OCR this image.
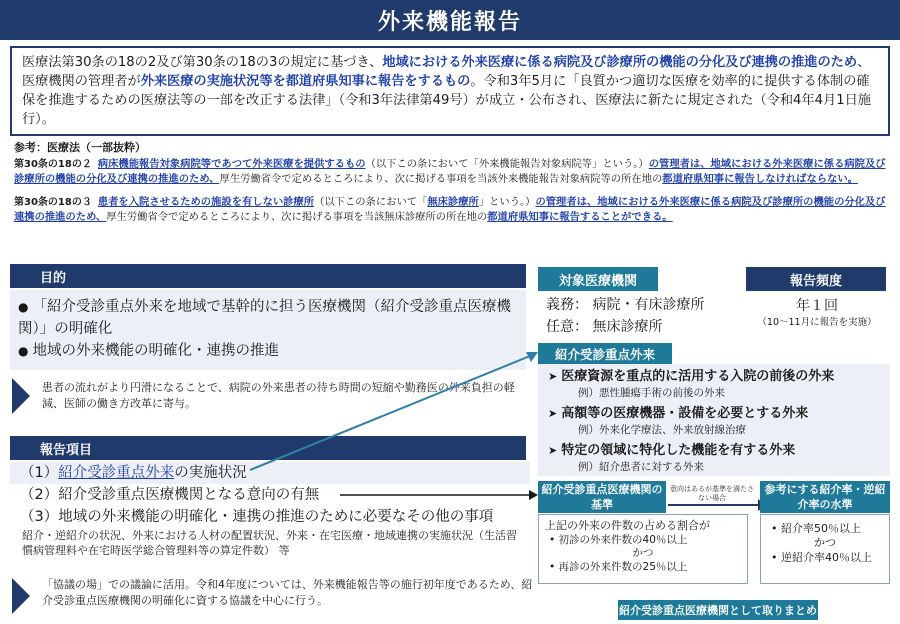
外来機能報告
医療法第30条の18の2及び第30条の18の3の規定に基づき、地域における外来医療に係る病院及び診療所の機能の分化及び連携の推進のため、医療機関の管理者が外来医療の実施状況等を都道府県知事に報告をするもの。令和3年5月に「良質かつ適切な医療を効率的に提供する体制の確保を推進するための医療法等の一部を改正する法律」（令和3年法律第49号）が成立・公布され、医療法に新たに規定された（令和4年4月1日施行）。
参考：医療法（一部抜粋）
第30条の18の２ 病床機能報告対象病院等であつて外来医療を提供するもの（以下この条において「外来機能報告対象病院等」という。）の管理者は、地域における外来医療に係る病院及び診療所の機能の分化及び連携の推進のため、厚生労働省令で定めるところにより、次に掲げる事項を当該外来機能報告対象病院等の所在地の都道府県知事に報告しなければならない。
第30条の18の３ 患者を入院させるための施設を有しない診療所（以下この条において「無床診療所」という。）の管理者は、地域における外来医療に係る病院及び診療所の機能の分化及び連携の推進のため、厚生労働省令で定めるところにより、次に掲げる事項を当該無床診療所の所在地の都道府県知事に報告することができる。
目的
● 「紹介受診重点外来を地域で基幹的に担う医療機関（紹介受診重点医療機関）」の明確化
● 地域の外来機能の明確化・連携の推進
患者の流れがより円滑になることで、病院の外来患者の待ち時間の短縮や勤務医の外来負担の軽減、医師の働き方改革に寄与。
報告項目
（1）紹介受診重点外来の実施状況
（2）紹介受診重点医療機関となる意向の有無
（3）地域の外来機能の明確化・連携の推進のために必要なその他の事項
紹介・逆紹介の状況、外来における人材の配置状況、外来・在宅医療・地域連携の実施状況（生活習慣病管理料や在宅時医学総合管理料等の算定件数） 等
「協議の場」での議論に活用。令和4年度については、外来機能報告等の施行初年度であるため、紹介受診重点医療機関の明確化に資する協議を中心に行う。
対象医療機関
義務： 病院・有床診療所
任意： 無床診療所
報告頻度
年１回
（10～11月に報告を実施）
紹介受診重点外来
➤ 医療資源を重点的に活用する入院の前後の外来
例）悪性腫瘍手術の前後の外来
➤ 高額等の医療機器・設備を必要とする外来
例）外来化学療法、外来放射線治療
➤ 特定の領域に特化した機能を有する外来
例）紹介患者に対する外来
紹介受診重点医療機関の基準
意向はあるが基準を満たさない場合
参考にする紹介率・逆紹介率の水準
上記の外来の件数の占める割合が
• 初診の外来件数の40％以上
かつ
• 再診の外来件数の25％以上
• 紹介率50％以上
かつ
• 逆紹介率40％以上
紹介受診重点医療機関として取りまとめ
